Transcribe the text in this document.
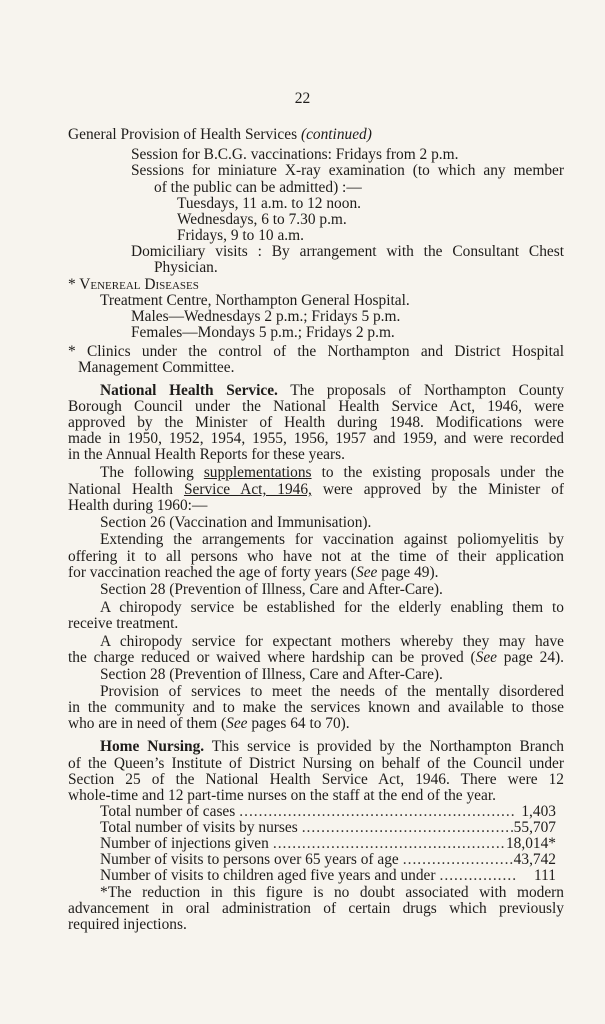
22
General Provision of Health Services (continued)
Session for B.C.G. vaccinations: Fridays from 2 p.m.
Sessions for miniature X-ray examination (to which any member
of the public can be admitted) :—
Tuesdays, 11 a.m. to 12 noon.
Wednesdays, 6 to 7.30 p.m.
Fridays, 9 to 10 a.m.
Domiciliary visits : By arrangement with the Consultant Chest
Physician.
* Venereal Diseases
Treatment Centre, Northampton General Hospital.
Males—Wednesdays 2 p.m.; Fridays 5 p.m.
Females—Mondays 5 p.m.; Fridays 2 p.m.
* Clinics under the control of the Northampton and District Hospital
Management Committee.
National Health Service. The proposals of Northampton County
Borough Council under the National Health Service Act, 1946, were
approved by the Minister of Health during 1948. Modifications were
made in 1950, 1952, 1954, 1955, 1956, 1957 and 1959, and were recorded
in the Annual Health Reports for these years.
The following supplementations to the existing proposals under the
National Health Service Act, 1946, were approved by the Minister of
Health during 1960:—
Section 26 (Vaccination and Immunisation).
Extending the arrangements for vaccination against poliomyelitis by
offering it to all persons who have not at the time of their application
for vaccination reached the age of forty years (See page 49).
Section 28 (Prevention of Illness, Care and After-Care).
A chiropody service be established for the elderly enabling them to
receive treatment.
A chiropody service for expectant mothers whereby they may have
the charge reduced or waived where hardship can be proved (See page 24).
Section 28 (Prevention of Illness, Care and After-Care).
Provision of services to meet the needs of the mentally disordered
in the community and to make the services known and available to those
who are in need of them (See pages 64 to 70).
Home Nursing. This service is provided by the Northampton Branch
of the Queen’s Institute of District Nursing on behalf of the Council under
Section 25 of the National Health Service Act, 1946. There were 12
whole-time and 12 part-time nurses on the staff at the end of the year.
Total number of cases .....	1,403
Total number of visits by nurses .....	55,707
Number of injections given .....	18,014*
Number of visits to persons over 65 years of age .....	43,742
Number of visits to children aged five years and under .....	111
*The reduction in this figure is no doubt associated with modern
advancement in oral administration of certain drugs which previously
required injections.
